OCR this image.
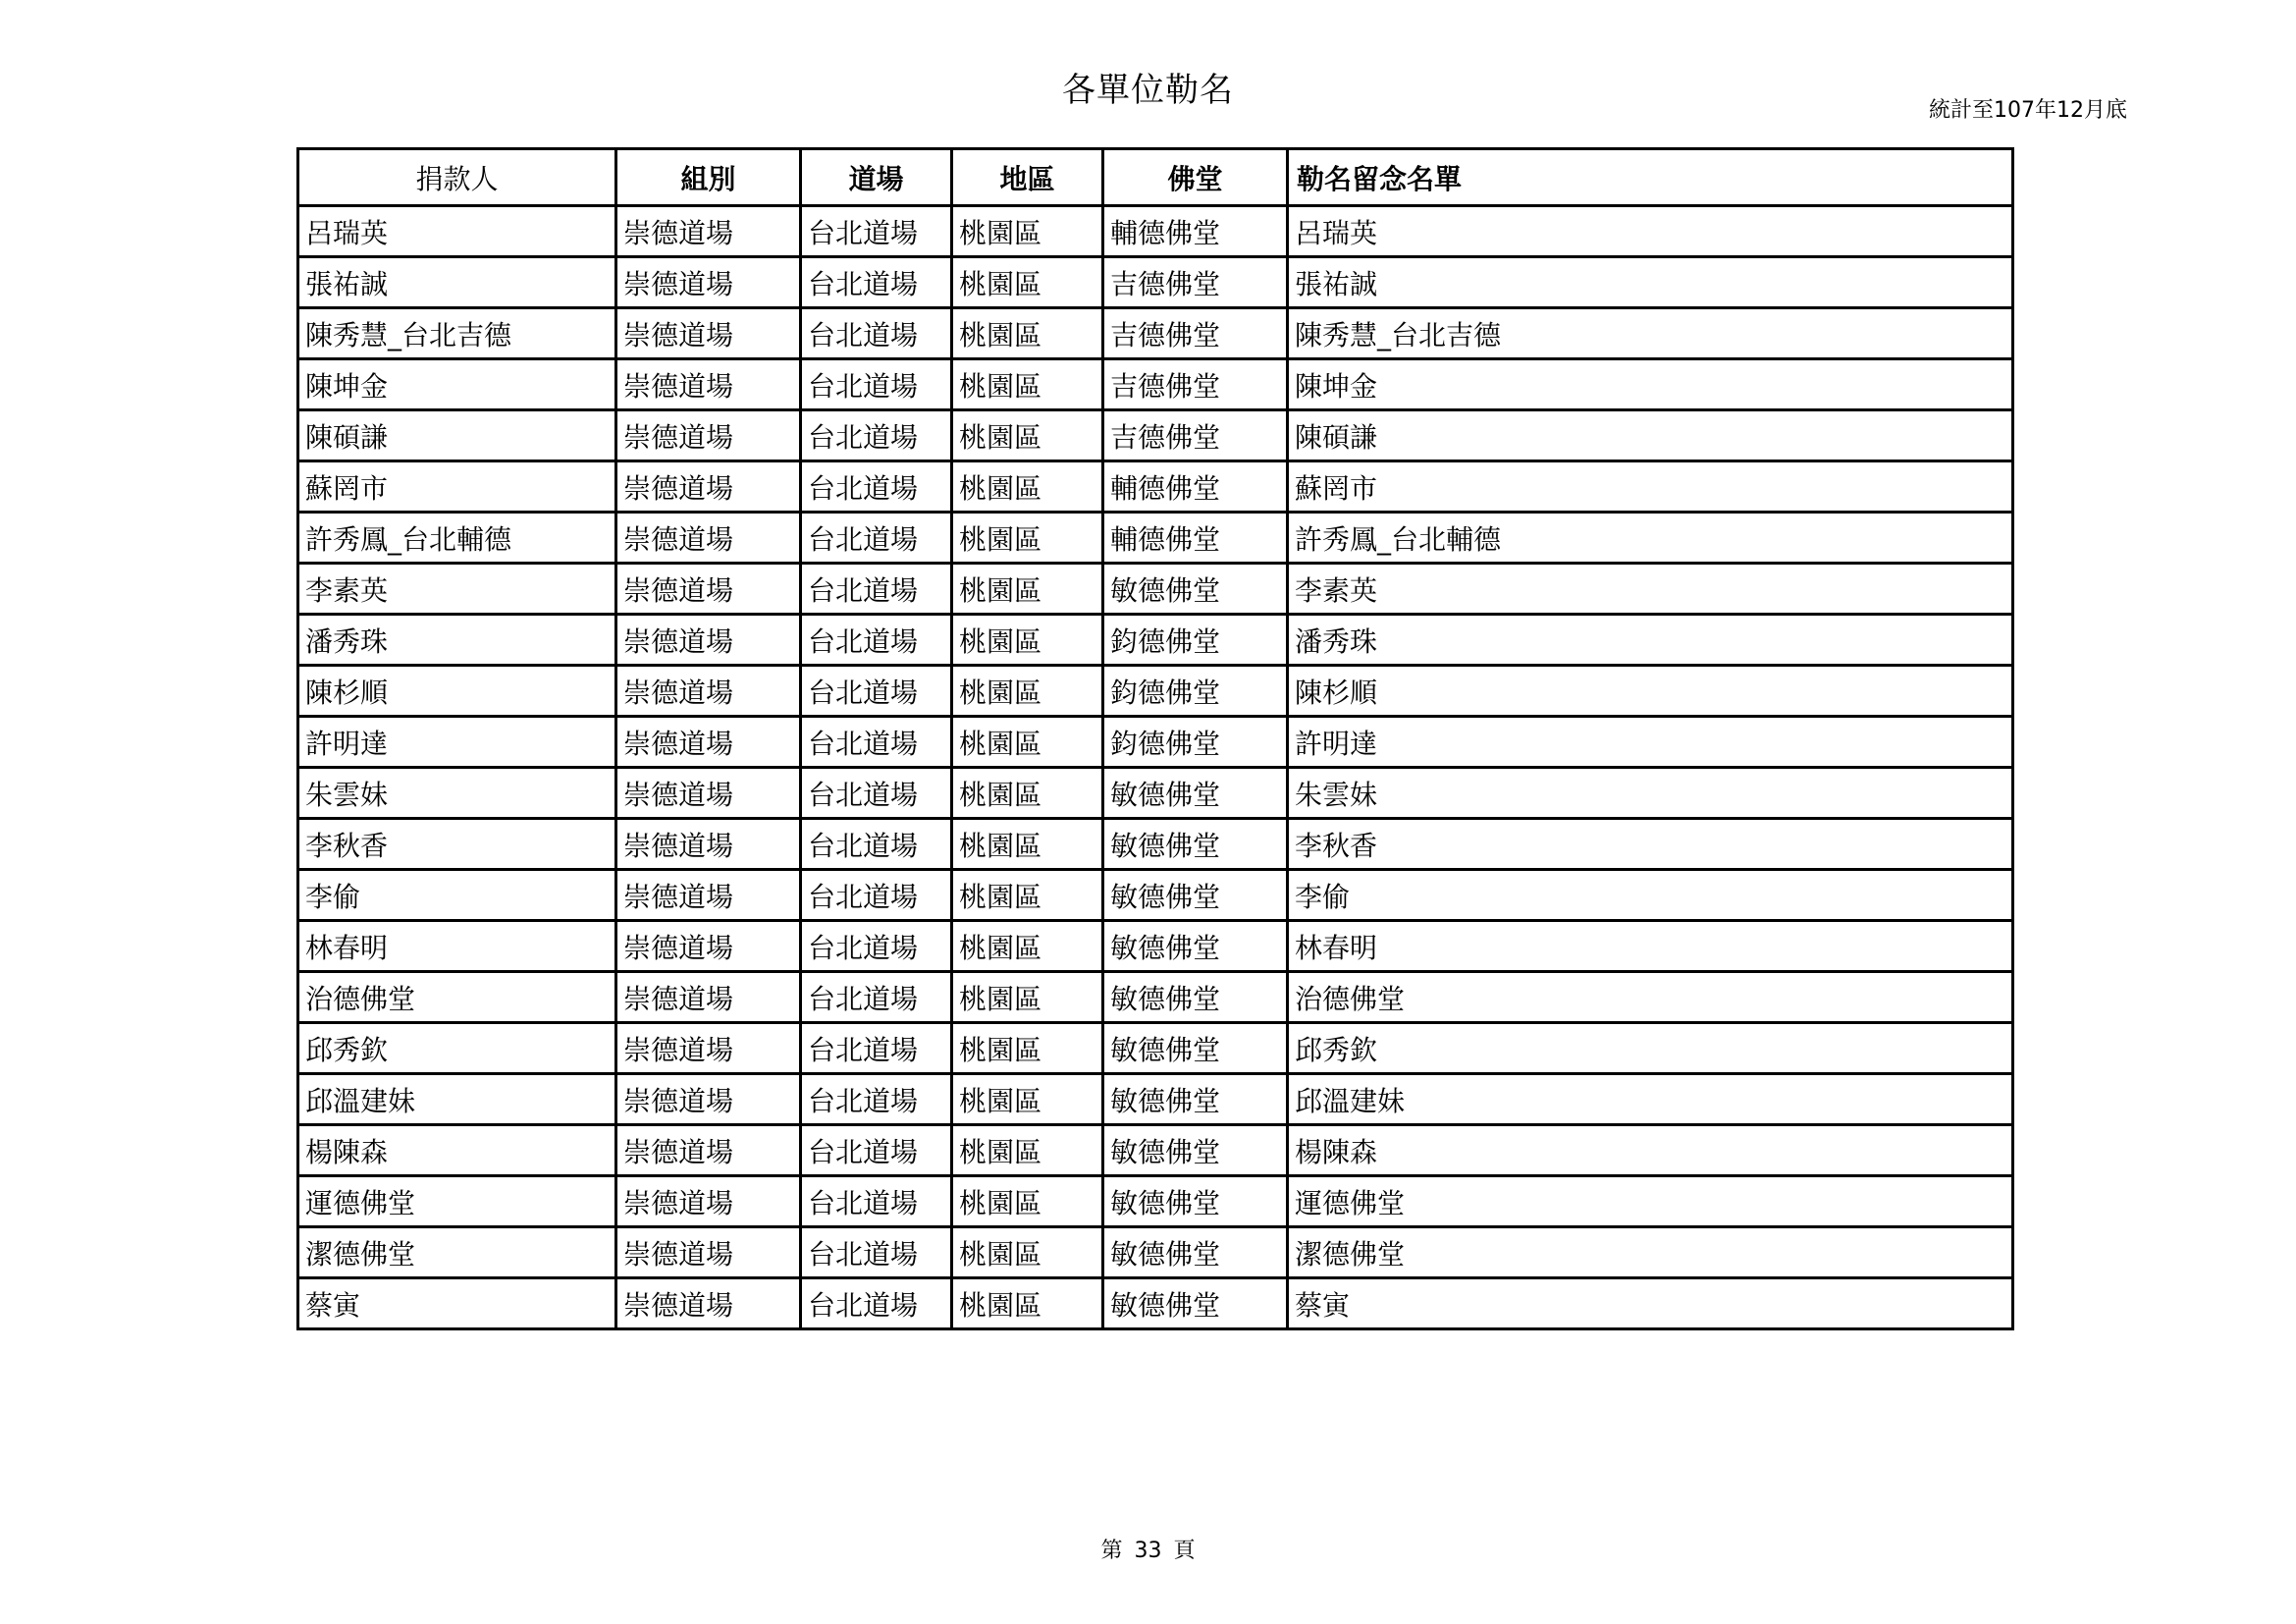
各單位勒名
統計至107年12月底
捐款人	組別	道場	地區	佛堂	勒名留念名單
呂瑞英	崇德道場	台北道場	桃園區	輔德佛堂	呂瑞英
張祐誠	崇德道場	台北道場	桃園區	吉德佛堂	張祐誠
陳秀慧_台北吉德	崇德道場	台北道場	桃園區	吉德佛堂	陳秀慧_台北吉德
陳坤金	崇德道場	台北道場	桃園區	吉德佛堂	陳坤金
陳碩謙	崇德道場	台北道場	桃園區	吉德佛堂	陳碩謙
蘇罔市	崇德道場	台北道場	桃園區	輔德佛堂	蘇罔市
許秀鳳_台北輔德	崇德道場	台北道場	桃園區	輔德佛堂	許秀鳳_台北輔德
李素英	崇德道場	台北道場	桃園區	敏德佛堂	李素英
潘秀珠	崇德道場	台北道場	桃園區	鈞德佛堂	潘秀珠
陳杉順	崇德道場	台北道場	桃園區	鈞德佛堂	陳杉順
許明達	崇德道場	台北道場	桃園區	鈞德佛堂	許明達
朱雲妹	崇德道場	台北道場	桃園區	敏德佛堂	朱雲妹
李秋香	崇德道場	台北道場	桃園區	敏德佛堂	李秋香
李偷	崇德道場	台北道場	桃園區	敏德佛堂	李偷
林春明	崇德道場	台北道場	桃園區	敏德佛堂	林春明
治德佛堂	崇德道場	台北道場	桃園區	敏德佛堂	治德佛堂
邱秀欽	崇德道場	台北道場	桃園區	敏德佛堂	邱秀欽
邱溫建妹	崇德道場	台北道場	桃園區	敏德佛堂	邱溫建妹
楊陳森	崇德道場	台北道場	桃園區	敏德佛堂	楊陳森
運德佛堂	崇德道場	台北道場	桃園區	敏德佛堂	運德佛堂
潔德佛堂	崇德道場	台北道場	桃園區	敏德佛堂	潔德佛堂
蔡寅	崇德道場	台北道場	桃園區	敏德佛堂	蔡寅
第 33 頁
